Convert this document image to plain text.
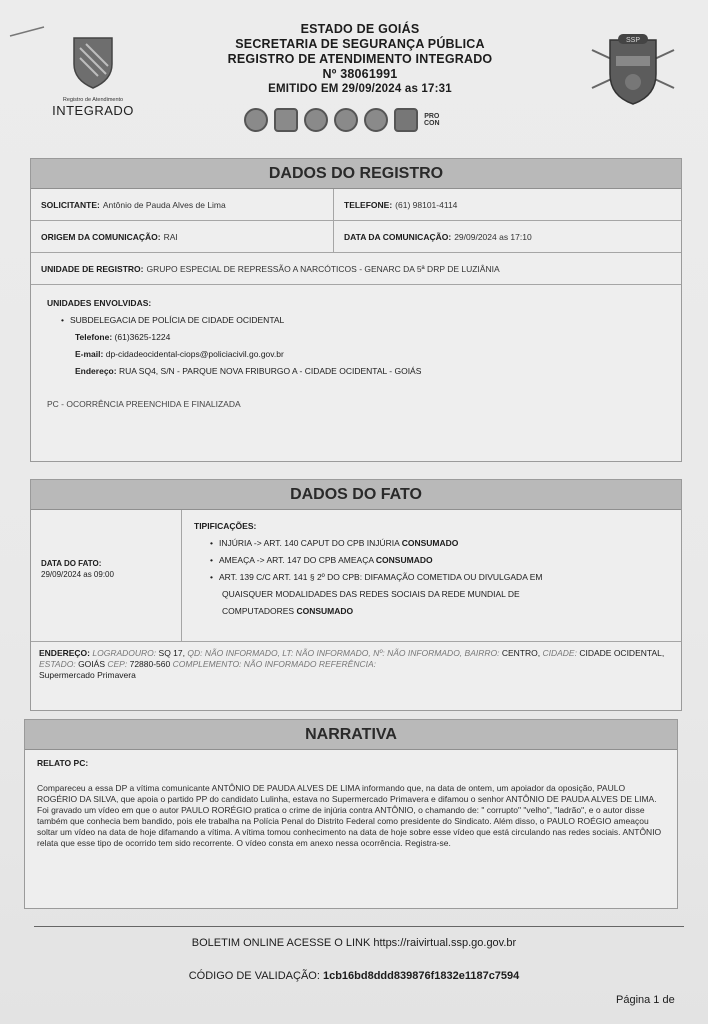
Registro de Atendimento
INTEGRADO
ESTADO DE GOIÁS
SECRETARIA DE SEGURANÇA PÚBLICA
REGISTRO DE ATENDIMENTO INTEGRADO
Nº 38061991
EMITIDO EM 29/09/2024 as 17:31
SSP
PRO
CON
DADOS DO REGISTRO
SOLICITANTE: Antônio de Pauda Alves de Lima	TELEFONE: (61) 98101-4114
ORIGEM DA COMUNICAÇÃO: RAI	DATA DA COMUNICAÇÃO: 29/09/2024 as 17:10
UNIDADE DE REGISTRO: GRUPO ESPECIAL DE REPRESSÃO A NARCÓTICOS - GENARC DA 5ª DRP DE LUZIÂNIA
UNIDADES ENVOLVIDAS:
• SUBDELEGACIA DE POLÍCIA DE CIDADE OCIDENTAL
Telefone: (61)3625-1224
E-mail: dp-cidadeocidental-ciops@policiacivil.go.gov.br
Endereço: RUA SQ4, S/N - PARQUE NOVA FRIBURGO A - CIDADE OCIDENTAL - GOIÁS
PC - OCORRÊNCIA PREENCHIDA E FINALIZADA
DADOS DO FATO
DATA DO FATO:
29/09/2024 as 09:00
TIPIFICAÇÕES:
• INJÚRIA -> ART. 140 CAPUT DO CPB INJÚRIA CONSUMADO
• AMEAÇA -> ART. 147 DO CPB AMEAÇA CONSUMADO
• ART. 139 C/C ART. 141 § 2º DO CPB: DIFAMAÇÃO COMETIDA OU DIVULGADA EM
QUAISQUER MODALIDADES DAS REDES SOCIAIS DA REDE MUNDIAL DE
COMPUTADORES CONSUMADO
ENDEREÇO: LOGRADOURO: SQ 17, QD: NÃO INFORMADO, LT: NÃO INFORMADO, Nº: NÃO INFORMADO, BAIRRO: CENTRO, CIDADE: CIDADE OCIDENTAL, ESTADO: GOIÁS CEP: 72880-560 COMPLEMENTO: NÃO INFORMADO REFERÊNCIA:
Supermercado Primavera
NARRATIVA
RELATO PC:
Compareceu a essa DP a vítima comunicante ANTÔNIO DE PAUDA ALVES DE LIMA informando que, na data de ontem, um apoiador da oposição, PAULO ROGÉRIO DA SILVA, que apoia o partido PP do candidato Lulinha, estava no Supermercado Primavera e difamou o senhor ANTÔNIO DE PAUDA ALVES DE LIMA. Foi gravado um vídeo em que o autor PAULO RORÉGIO pratica o crime de injúria contra ANTÔNIO, o chamando de: " corrupto" "velho", "ladrão", e o autor disse também que conhecia bem bandido, pois ele trabalha na Polícia Penal do Distrito Federal como presidente do Sindicato. Além disso, o PAULO ROÉGIO ameaçou soltar um vídeo na data de hoje difamando a vítima. A vítima tomou conhecimento na data de hoje sobre esse vídeo que está circulando nas redes sociais. ANTÔNIO relata que esse tipo de ocorrido tem sido recorrente. O vídeo consta em anexo nessa ocorrência. Registra-se.
BOLETIM ONLINE ACESSE O LINK https://raivirtual.ssp.go.gov.br
CÓDIGO DE VALIDAÇÃO: 1cb16bd8ddd839876f1832e1187c7594
Página 1 de
